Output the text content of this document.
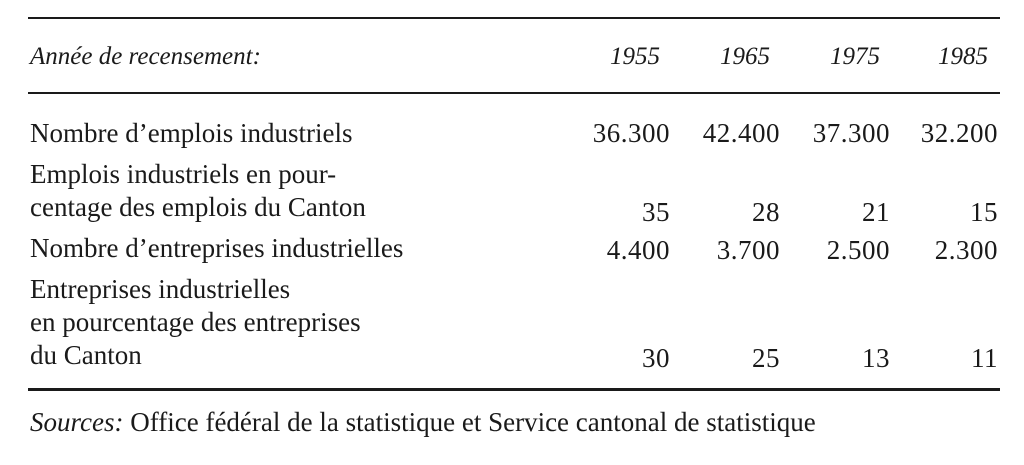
Année de recensement:	1955	1965	1975	1985
Nombre d’emplois industriels	36.300	42.400	37.300	32.200
Emplois industriels en pour-
centage des emplois du Canton	35	28	21	15
Nombre d’entreprises industrielles	4.400	3.700	2.500	2.300
Entreprises industrielles
en pourcentage des entreprises
du Canton	30	25	13	11
Sources: Office fédéral de la statistique et Service cantonal de statistique
